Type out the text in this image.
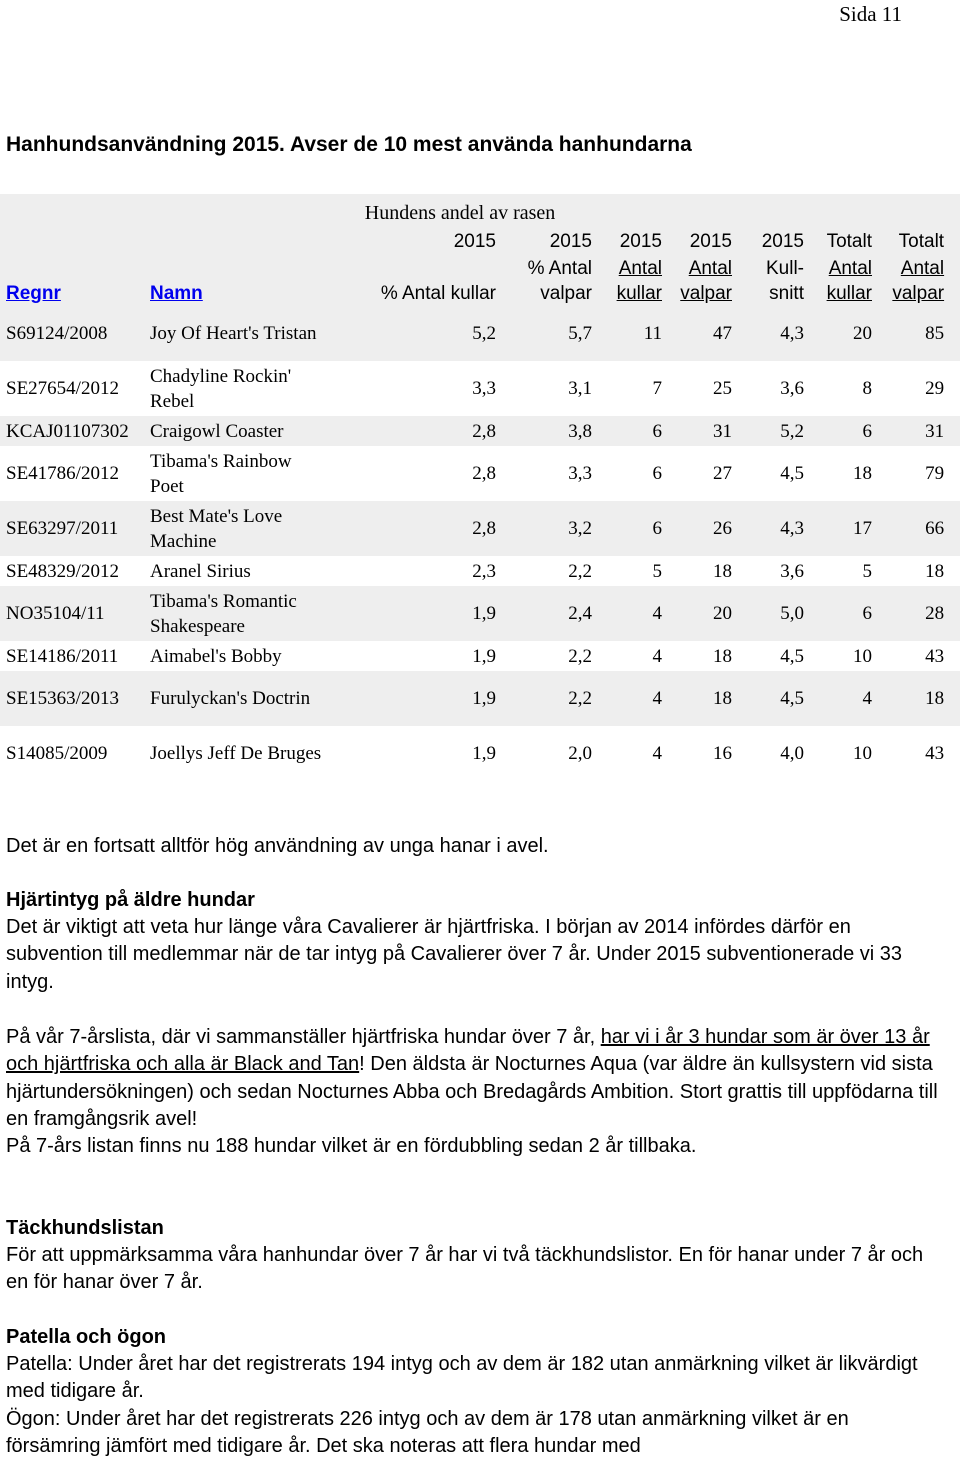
Sida 11
Hanhundsanvändning 2015. Avser de 10 mest använda hanhundarna
Hundens andel av rasen								
		2015	2015	2015	2015	2015	Totalt	Totalt
Regnr	Namn	% Antal kullar	% Antal valpar	Antal kullar	Antal valpar	Kull-snitt	Antal kullar	Antal valpar
S69124/2008	Joy Of Heart's Tristan	5,2	5,7	11	47	4,3	20	85
SE27654/2012	Chadyline Rockin' Rebel	3,3	3,1	7	25	3,6	8	29
KCAJ01107302	Craigowl Coaster	2,8	3,8	6	31	5,2	6	31
SE41786/2012	Tibama's Rainbow Poet	2,8	3,3	6	27	4,5	18	79
SE63297/2011	Best Mate's Love Machine	2,8	3,2	6	26	4,3	17	66
SE48329/2012	Aranel Sirius	2,3	2,2	5	18	3,6	5	18
NO35104/11	Tibama's Romantic Shakespeare	1,9	2,4	4	20	5,0	6	28
SE14186/2011	Aimabel's Bobby	1,9	2,2	4	18	4,5	10	43
SE15363/2013	Furulyckan's Doctrin	1,9	2,2	4	18	4,5	4	18
S14085/2009	Joellys Jeff De Bruges	1,9	2,0	4	16	4,0	10	43

Det är en fortsatt alltför hög användning av unga hanar i avel.

Hjärtintyg på äldre hundar

Det är viktigt att veta hur länge våra Cavalierer är hjärtfriska. I början av 2014 infördes därför en subvention till medlemmar när de tar intyg på Cavalierer över 7 år. Under 2015 subventionerade vi 33 intyg.

På vår 7-årslista, där vi sammanställer hjärtfriska hundar över 7 år, har vi i år 3 hundar som är över 13 år och hjärtfriska och alla är Black and Tan! Den äldsta är Nocturnes Aqua (var äldre än kullsystern vid sista hjärtundersökningen) och sedan Nocturnes Abba och Bredagårds Ambition. Stort grattis till uppfödarna till en framgångsrik avel!
På 7-års listan finns nu 188 hundar vilket är en fördubbling sedan 2 år tillbaka.

Täckhundslistan

För att uppmärksamma våra hanhundar över 7 år har vi två täckhundslistor. En för hanar under 7 år och en för hanar över 7 år.

Patella och ögon

Patella: Under året har det registrerats 194 intyg och av dem är 182 utan anmärkning vilket är likvärdigt med tidigare år.

Ögon: Under året har det registrerats 226 intyg och av dem är 178 utan anmärkning vilket är en försämring jämfört med tidigare år. Det ska noteras att flera hundar med
